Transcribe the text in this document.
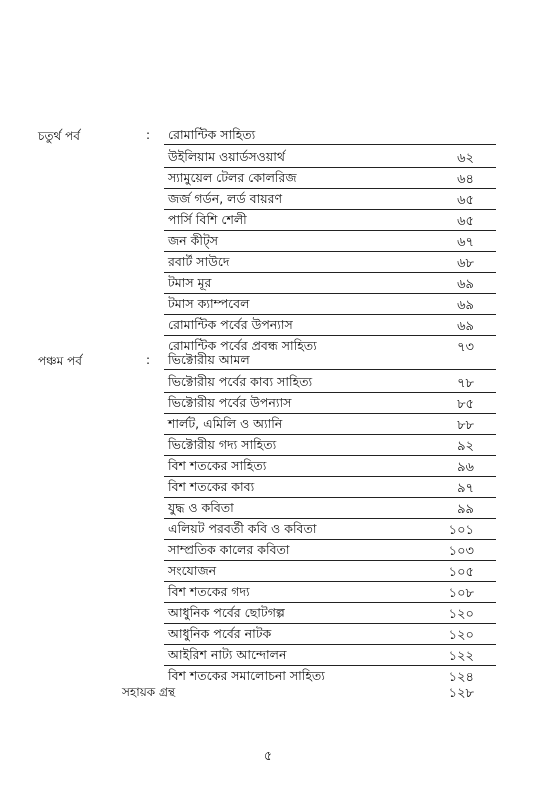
চতুর্থ পর্ব	: রোমান্টিক সাহিত্য
উইলিয়াম ওয়ার্ডসওয়ার্থ	৬২
স্যামুয়েল টেলর কোলরিজ	৬৪
জর্জ গর্ডন, লর্ড বায়রণ	৬৫
পার্সি বিশি শেলী	৬৫
জন কীট্স	৬৭
রবার্ট সাউদে	৬৮
টমাস মূর	৬৯
টমাস ক্যাম্পবেল	৬৯
রোমান্টিক পর্বের উপন্যাস	৬৯
রোমান্টিক পর্বের প্রবন্ধ সাহিত্য	৭৩
পঞ্চম পর্ব	: ভিক্টোরীয় আমল
ভিক্টোরীয় পর্বের কাব্য সাহিত্য	৭৮
ভিক্টোরীয় পর্বের উপন্যাস	৮৫
শার্লট, এমিলি ও অ্যানি	৮৮
ভিক্টোরীয় গদ্য সাহিত্য	৯২
বিশ শতকের সাহিত্য	৯৬
বিশ শতকের কাব্য	৯৭
যুদ্ধ ও কবিতা	৯৯
এলিয়ট পরবর্তী কবি ও কবিতা	১০১
সাম্প্রতিক কালের কবিতা	১০৩
সংযোজন	১০৫
বিশ শতকের গদ্য	১০৮
আধুনিক পর্বের ছোটগল্প	১২০
আধুনিক পর্বের নাটক	১২০
আইরিশ নাট্য আন্দোলন	১২২
বিশ শতকের সমালোচনা সাহিত্য	১২৪
সহায়ক গ্রন্থ	১২৮
৫
